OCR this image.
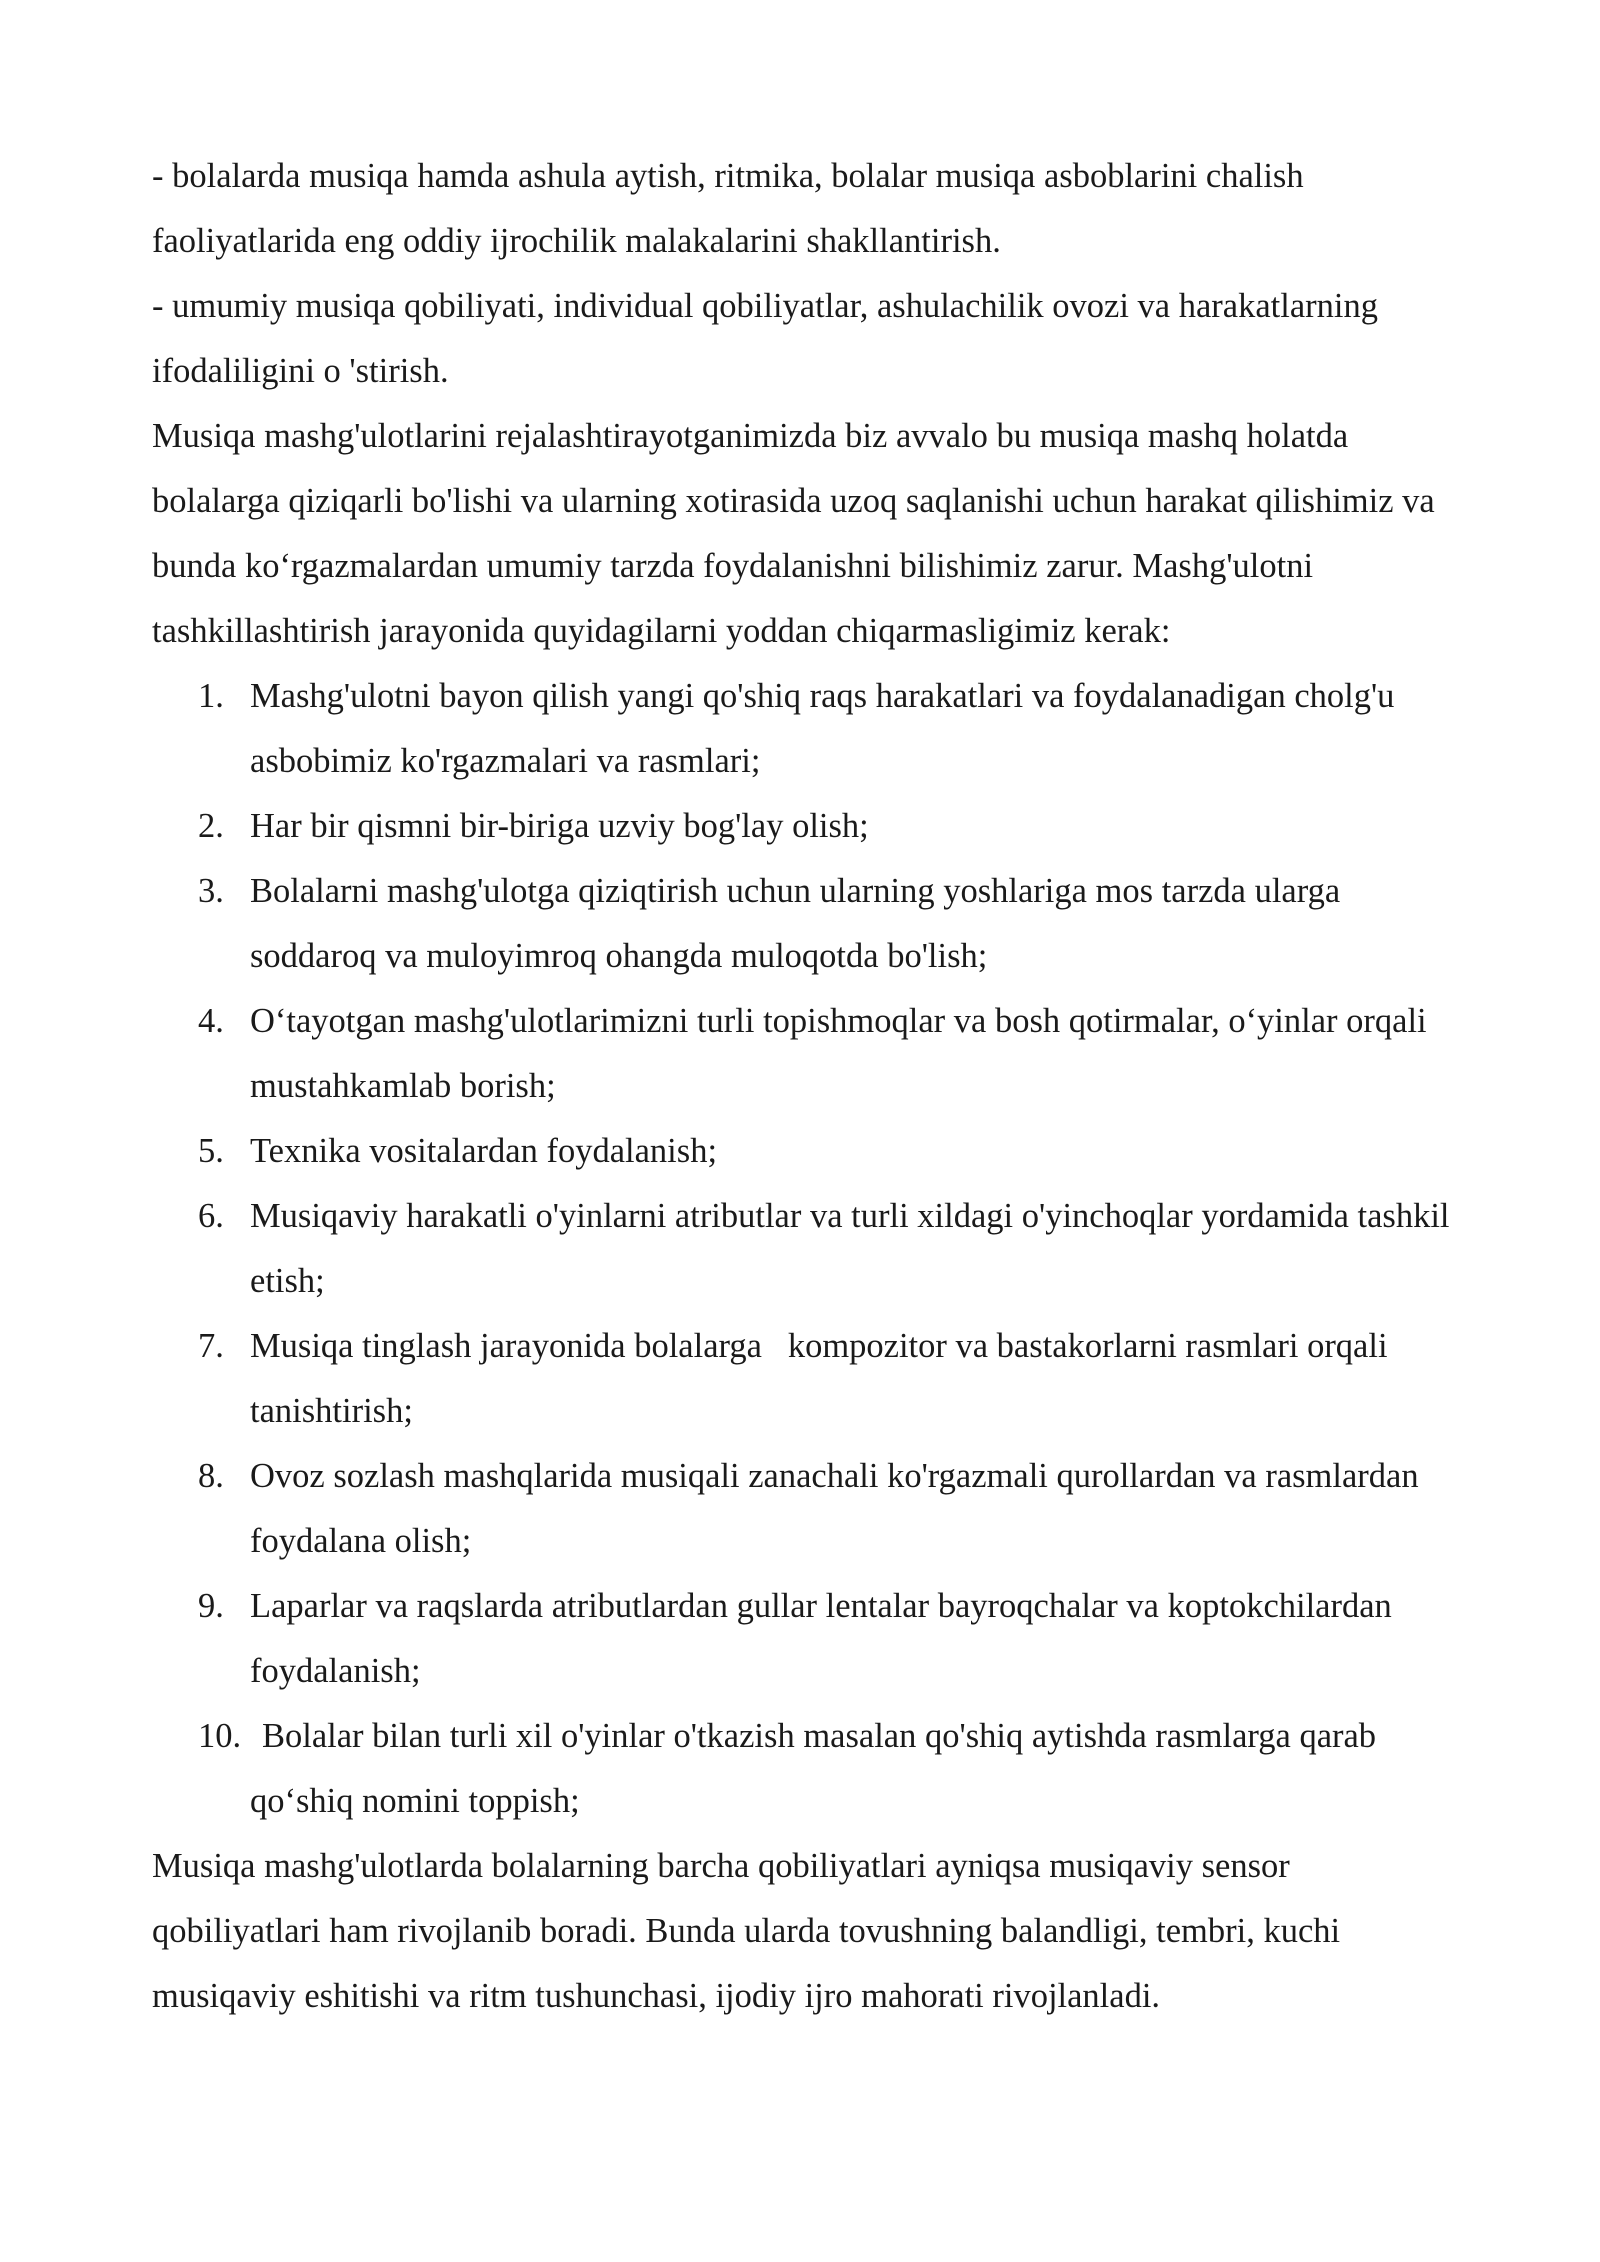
- bolalarda musiqa hamda ashula aytish, ritmika, bolalar musiqa asboblarini chalish faoliyatlarida eng oddiy ijrochilik malakalarini shakllantirish.

- umumiy musiqa qobiliyati, individual qobiliyatlar, ashulachilik ovozi va harakatlarning ifodaliligini o 'stirish.

Musiqa mashg'ulotlarini rejalashtirayotganimizda biz avvalo bu musiqa mashq holatda bolalarga qiziqarli bo'lishi va ularning xotirasida uzoq saqlanishi uchun harakat qilishimiz va bunda ko‘rgazmalardan umumiy tarzda foydalanishni bilishimiz zarur. Mashg'ulotni tashkillashtirish jarayonida quyidagilarni yoddan chiqarmasligimiz kerak:

1. Mashg'ulotni bayon qilish yangi qo'shiq raqs harakatlari va foydalanadigan cholg'u asbobimiz ko'rgazmalari va rasmlari;
2. Har bir qismni bir-biriga uzviy bog'lay olish;
3. Bolalarni mashg'ulotga qiziqtirish uchun ularning yoshlariga mos tarzda ularga soddaroq va muloyimroq ohangda muloqotda bo'lish;
4. O‘tayotgan mashg'ulotlarimizni turli topishmoqlar va bosh qotirmalar, o‘yinlar orqali mustahkamlab borish;
5. Texnika vositalardan foydalanish;
6. Musiqaviy harakatli o'yinlarni atributlar va turli xildagi o'yinchoqlar yordamida tashkil etish;
7. Musiqa tinglash jarayonida bolalarga   kompozitor va bastakorlarni rasmlari orqali tanishtirish;
8. Ovoz sozlash mashqlarida musiqali zanachali ko'rgazmali qurollardan va rasmlardan foydalana olish;
9. Laparlar va raqslarda atributlardan gullar lentalar bayroqchalar va koptokchilardan foydalanish;
10. Bolalar bilan turli xil o'yinlar o'tkazish masalan qo'shiq aytishda rasmlarga qarab qo‘shiq nomini toppish;

Musiqa mashg'ulotlarda bolalarning barcha qobiliyatlari ayniqsa musiqaviy sensor qobiliyatlari ham rivojlanib boradi. Bunda ularda tovushning balandligi, tembri, kuchi musiqaviy eshitishi va ritm tushunchasi, ijodiy ijro mahorati rivojlanladi.
